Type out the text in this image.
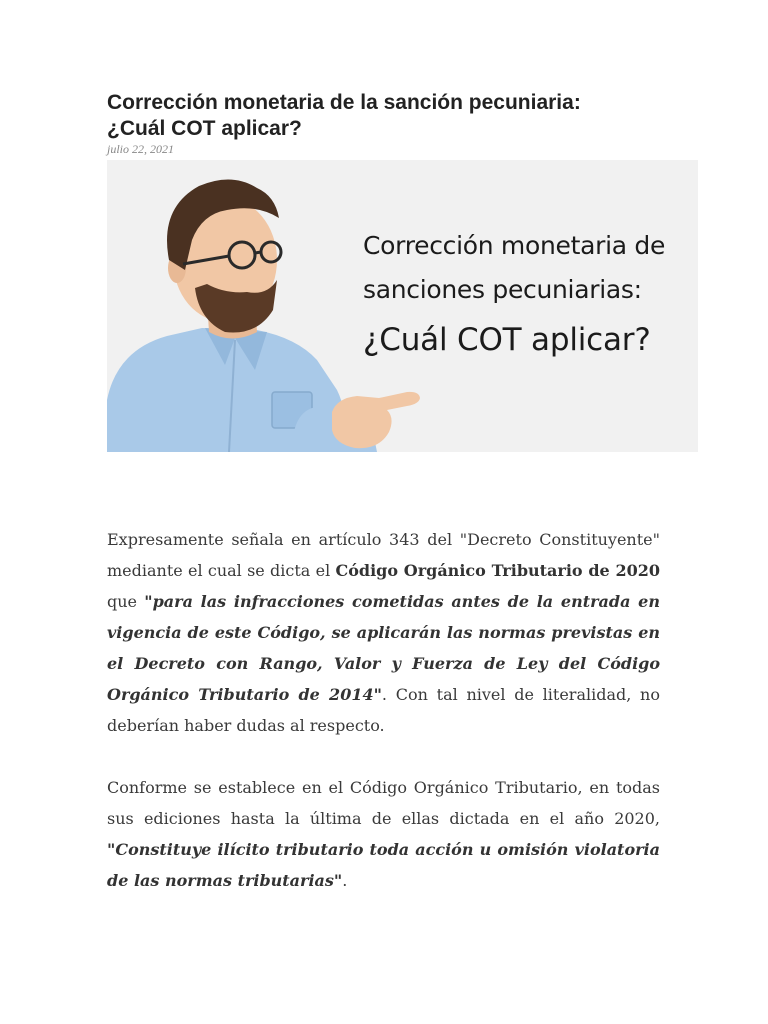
Corrección monetaria de la sanción pecuniaria:
¿Cuál COT aplicar?

julio 22, 2021

Corrección monetaria de
sanciones pecuniarias:
¿Cuál COT aplicar?

Expresamente señala en artículo 343 del "Decreto Constituyente" mediante el cual se dicta el Código Orgánico Tributario de 2020 que "para las infracciones cometidas antes de la entrada en vigencia de este Código, se aplicarán las normas previstas en el Decreto con Rango, Valor y Fuerza de Ley del Código Orgánico Tributario de 2014". Con tal nivel de literalidad, no deberían haber dudas al respecto.

Conforme se establece en el Código Orgánico Tributario, en todas sus ediciones hasta la última de ellas dictada en el año 2020, "Constituye ilícito tributario toda acción u omisión violatoria de las normas tributarias".
